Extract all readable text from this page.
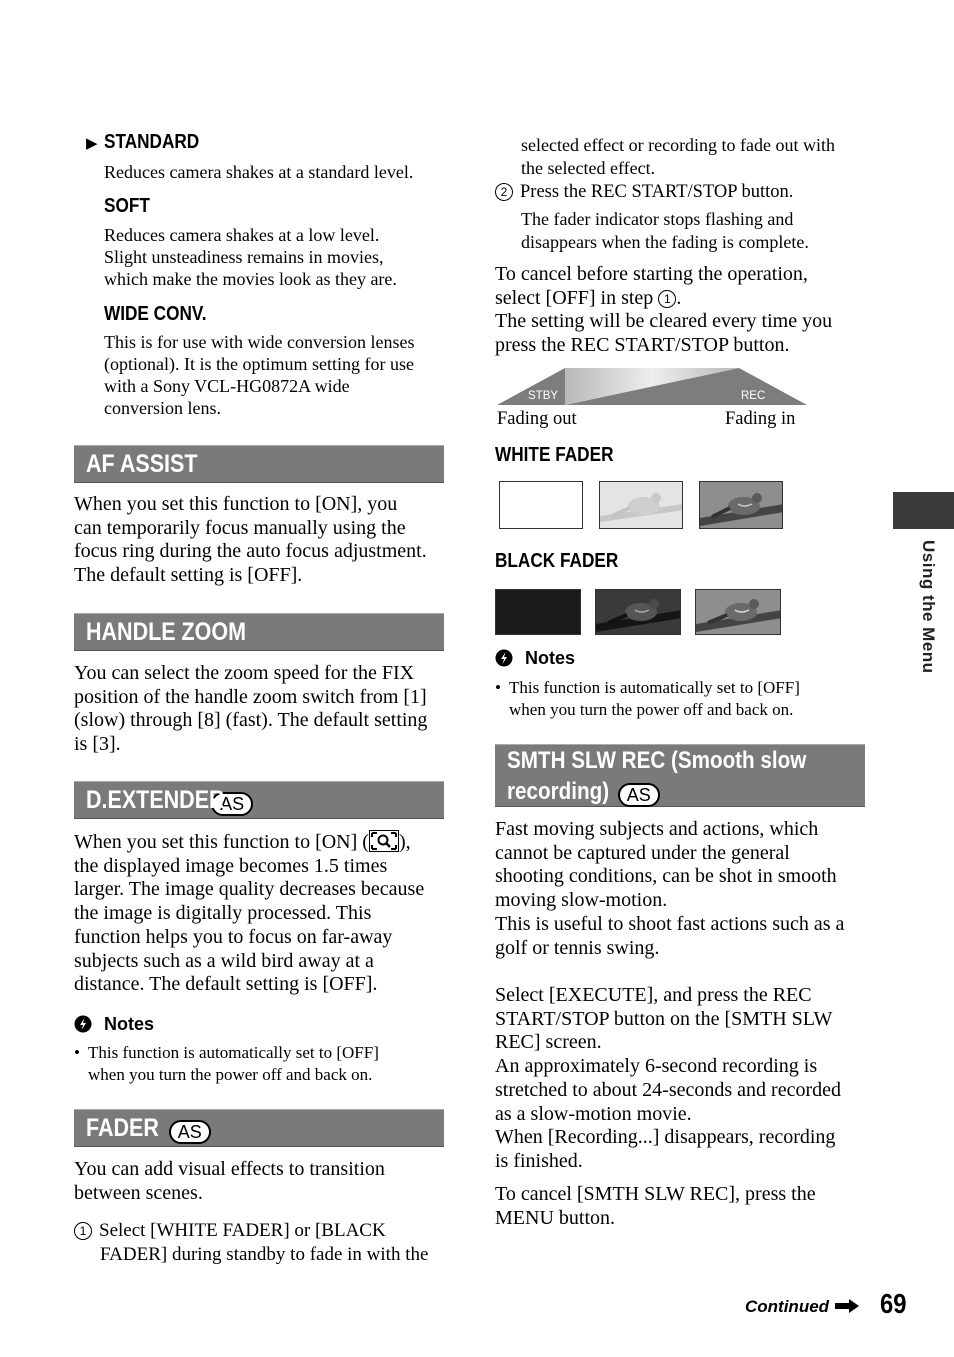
▶ STANDARD
Reduces camera shakes at a standard level.
SOFT
Reduces camera shakes at a low level.
Slight unsteadiness remains in movies,
which make the movies look as they are.
WIDE CONV.
This is for use with wide conversion lenses
(optional). It is the optimum setting for use
with a Sony VCL-HG0872A wide
conversion lens.
AF ASSIST
When you set this function to [ON], you
can temporarily focus manually using the
focus ring during the auto focus adjustment.
The default setting is [OFF].
HANDLE ZOOM
You can select the zoom speed for the FIX
position of the handle zoom switch from [1]
(slow) through [8] (fast). The default setting
is [3].
D.EXTENDERAS
When you set this function to [ON] ( ),
the displayed image becomes 1.5 times
larger. The image quality decreases because
the image is digitally processed. This
function helps you to focus on far-away
subjects such as a wild bird away at a
distance. The default setting is [OFF].
Notes
• This function is automatically set to [OFF]
when you turn the power off and back on.
FADER AS
You can add visual effects to transition
between scenes.
1 Select [WHITE FADER] or [BLACK
FADER] during standby to fade in with the
selected effect or recording to fade out with
the selected effect.
2 Press the REC START/STOP button.
The fader indicator stops flashing and
disappears when the fading is complete.
To cancel before starting the operation,
select [OFF] in step 1 .
The setting will be cleared every time you
press the REC START/STOP button.
STBY	REC
Fading out	Fading in
WHITE FADER
BLACK FADER
Notes
• This function is automatically set to [OFF]
when you turn the power off and back on.
SMTH SLW REC (Smooth slow
recording) AS
Fast moving subjects and actions, which
cannot be captured under the general
shooting conditions, can be shot in smooth
moving slow-motion.
This is useful to shoot fast actions such as a
golf or tennis swing.
Select [EXECUTE], and press the REC
START/STOP button on the [SMTH SLW
REC] screen.
An approximately 6-second recording is
stretched to about 24-seconds and recorded
as a slow-motion movie.
When [Recording...] disappears, recording
is finished.
To cancel [SMTH SLW REC], press the
MENU button.
Using the Menu
Continued	69
